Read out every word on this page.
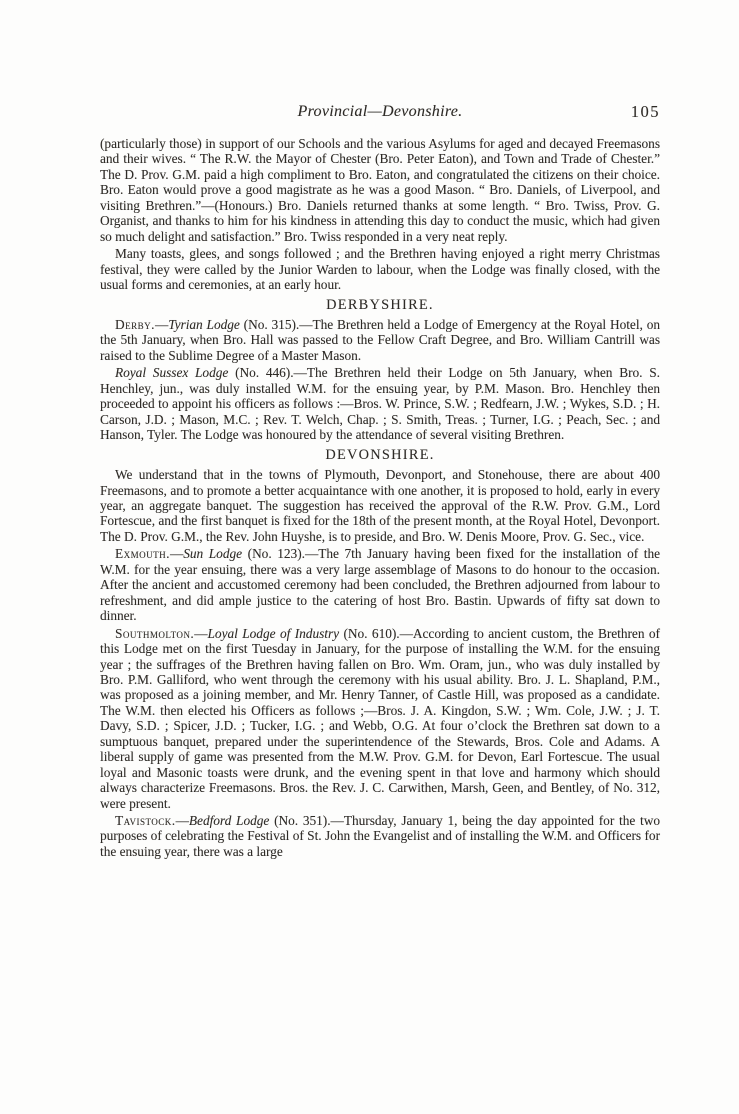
Provincial—Devonshire.	105

(particularly those) in support of our Schools and the various Asylums for aged and decayed Freemasons and their wives. “ The R.W. the Mayor of Chester (Bro. Peter Eaton), and Town and Trade of Chester.” The D. Prov. G.M. paid a high compliment to Bro. Eaton, and congratulated the citizens on their choice. Bro. Eaton would prove a good magistrate as he was a good Mason. “ Bro. Daniels, of Liverpool, and visiting Brethren.”—(Honours.) Bro. Daniels returned thanks at some length. “ Bro. Twiss, Prov. G. Organist, and thanks to him for his kindness in attending this day to conduct the music, which had given so much delight and satisfaction.” Bro. Twiss responded in a very neat reply.

Many toasts, glees, and songs followed ; and the Brethren having enjoyed a right merry Christmas festival, they were called by the Junior Warden to labour, when the Lodge was finally closed, with the usual forms and ceremonies, at an early hour.

DERBYSHIRE.

Derby.—Tyrian Lodge (No. 315).—The Brethren held a Lodge of Emergency at the Royal Hotel, on the 5th January, when Bro. Hall was passed to the Fellow Craft Degree, and Bro. William Cantrill was raised to the Sublime Degree of a Master Mason.

Royal Sussex Lodge (No. 446).—The Brethren held their Lodge on 5th January, when Bro. S. Henchley, jun., was duly installed W.M. for the ensuing year, by P.M. Mason. Bro. Henchley then proceeded to appoint his officers as follows :—Bros. W. Prince, S.W. ; Redfearn, J.W. ; Wykes, S.D. ; H. Carson, J.D. ; Mason, M.C. ; Rev. T. Welch, Chap. ; S. Smith, Treas. ; Turner, I.G. ; Peach, Sec. ; and Hanson, Tyler. The Lodge was honoured by the attendance of several visiting Brethren.

DEVONSHIRE.

We understand that in the towns of Plymouth, Devonport, and Stonehouse, there are about 400 Freemasons, and to promote a better acquaintance with one another, it is proposed to hold, early in every year, an aggregate banquet. The suggestion has received the approval of the R.W. Prov. G.M., Lord Fortescue, and the first banquet is fixed for the 18th of the present month, at the Royal Hotel, Devonport. The D. Prov. G.M., the Rev. John Huyshe, is to preside, and Bro. W. Denis Moore, Prov. G. Sec., vice.

Exmouth.—Sun Lodge (No. 123).—The 7th January having been fixed for the installation of the W.M. for the year ensuing, there was a very large assemblage of Masons to do honour to the occasion. After the ancient and accustomed ceremony had been concluded, the Brethren adjourned from labour to refreshment, and did ample justice to the catering of host Bro. Bastin. Upwards of fifty sat down to dinner.

Southmolton.—Loyal Lodge of Industry (No. 610).—According to ancient custom, the Brethren of this Lodge met on the first Tuesday in January, for the purpose of installing the W.M. for the ensuing year ; the suffrages of the Brethren having fallen on Bro. Wm. Oram, jun., who was duly installed by Bro. P.M. Galliford, who went through the ceremony with his usual ability. Bro. J. L. Shapland, P.M., was proposed as a joining member, and Mr. Henry Tanner, of Castle Hill, was proposed as a candidate. The W.M. then elected his Officers as follows ;—Bros. J. A. Kingdon, S.W. ; Wm. Cole, J.W. ; J. T. Davy, S.D. ; Spicer, J.D. ; Tucker, I.G. ; and Webb, O.G. At four o’clock the Brethren sat down to a sumptuous banquet, prepared under the superintendence of the Stewards, Bros. Cole and Adams. A liberal supply of game was presented from the M.W. Prov. G.M. for Devon, Earl Fortescue. The usual loyal and Masonic toasts were drunk, and the evening spent in that love and harmony which should always characterize Freemasons. Bros. the Rev. J. C. Carwithen, Marsh, Geen, and Bentley, of No. 312, were present.

Tavistock.—Bedford Lodge (No. 351).—Thursday, January 1, being the day appointed for the two purposes of celebrating the Festival of St. John the Evangelist and of installing the W.M. and Officers for the ensuing year, there was a large
